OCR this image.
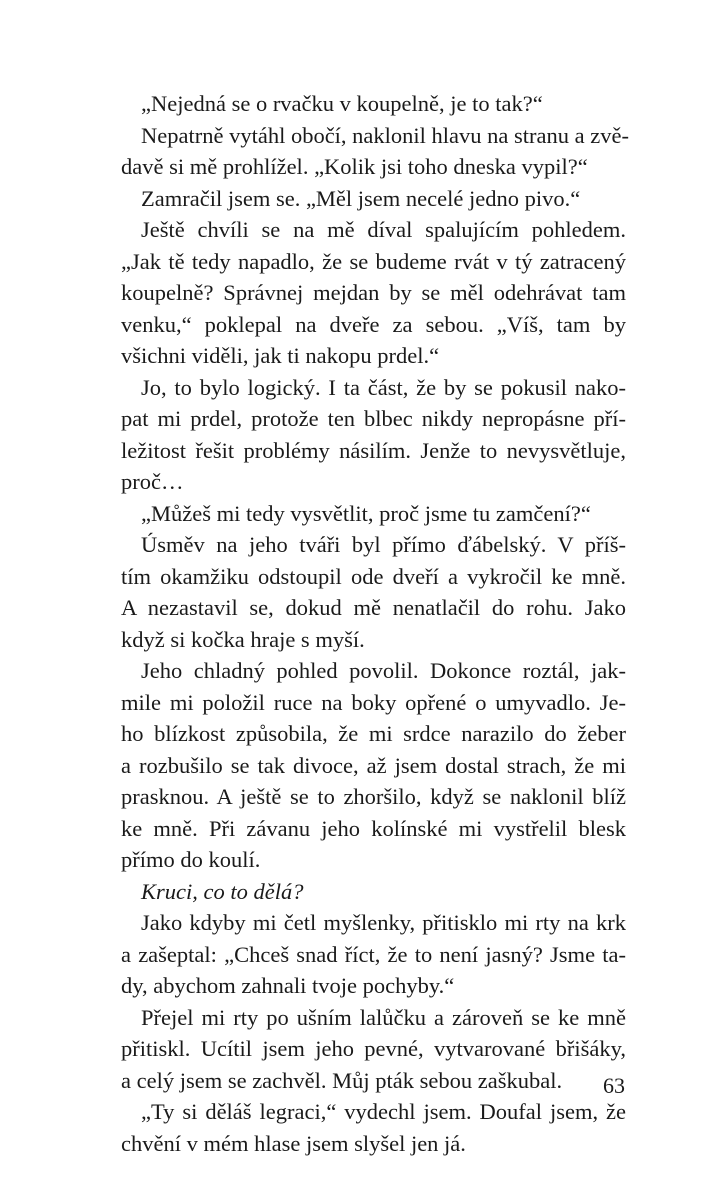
„Nejedná se o rvačku v koupelně, je to tak?“

Nepatrně vytáhl obočí, naklonil hlavu na stranu a zvě-
davě si mě prohlížel. „Kolik jsi toho dneska vypil?“

Zamračil jsem se. „Měl jsem necelé jedno pivo.“

Ještě chvíli se na mě díval spalujícím pohledem.
„Jak tě tedy napadlo, že se budeme rvát v tý zatracený
koupelně? Správnej mejdan by se měl odehrávat tam
venku,“ poklepal na dveře za sebou. „Víš, tam by
všichni viděli, jak ti nakopu prdel.“

Jo, to bylo logický. I ta část, že by se pokusil nako-
pat mi prdel, protože ten blbec nikdy nepropásne pří-
ležitost řešit problémy násilím. Jenže to nevysvětluje,
proč…

„Můžeš mi tedy vysvětlit, proč jsme tu zamčení?“

Úsměv na jeho tváři byl přímo ďábelský. V příš-
tím okamžiku odstoupil ode dveří a vykročil ke mně.
A nezastavil se, dokud mě nenatlačil do rohu. Jako
když si kočka hraje s myší.

Jeho chladný pohled povolil. Dokonce roztál, jak-
mile mi položil ruce na boky opřené o umyvadlo. Je-
ho blízkost způsobila, že mi srdce narazilo do žeber
a rozbušilo se tak divoce, až jsem dostal strach, že mi
prasknou. A ještě se to zhoršilo, když se naklonil blíž
ke mně. Při závanu jeho kolínské mi vystřelil blesk
přímo do koulí.

Kruci, co to dělá?

Jako kdyby mi četl myšlenky, přitisklo mi rty na krk
a zašeptal: „Chceš snad říct, že to není jasný? Jsme ta-
dy, abychom zahnali tvoje pochyby.“

Přejel mi rty po ušním lalůčku a zároveň se ke mně
přitiskl. Ucítil jsem jeho pevné, vytvarované břišáky,
a celý jsem se zachvěl. Můj pták sebou zaškubal.

„Ty si děláš legraci,“ vydechl jsem. Doufal jsem, že
chvění v mém hlase jsem slyšel jen já.

63
